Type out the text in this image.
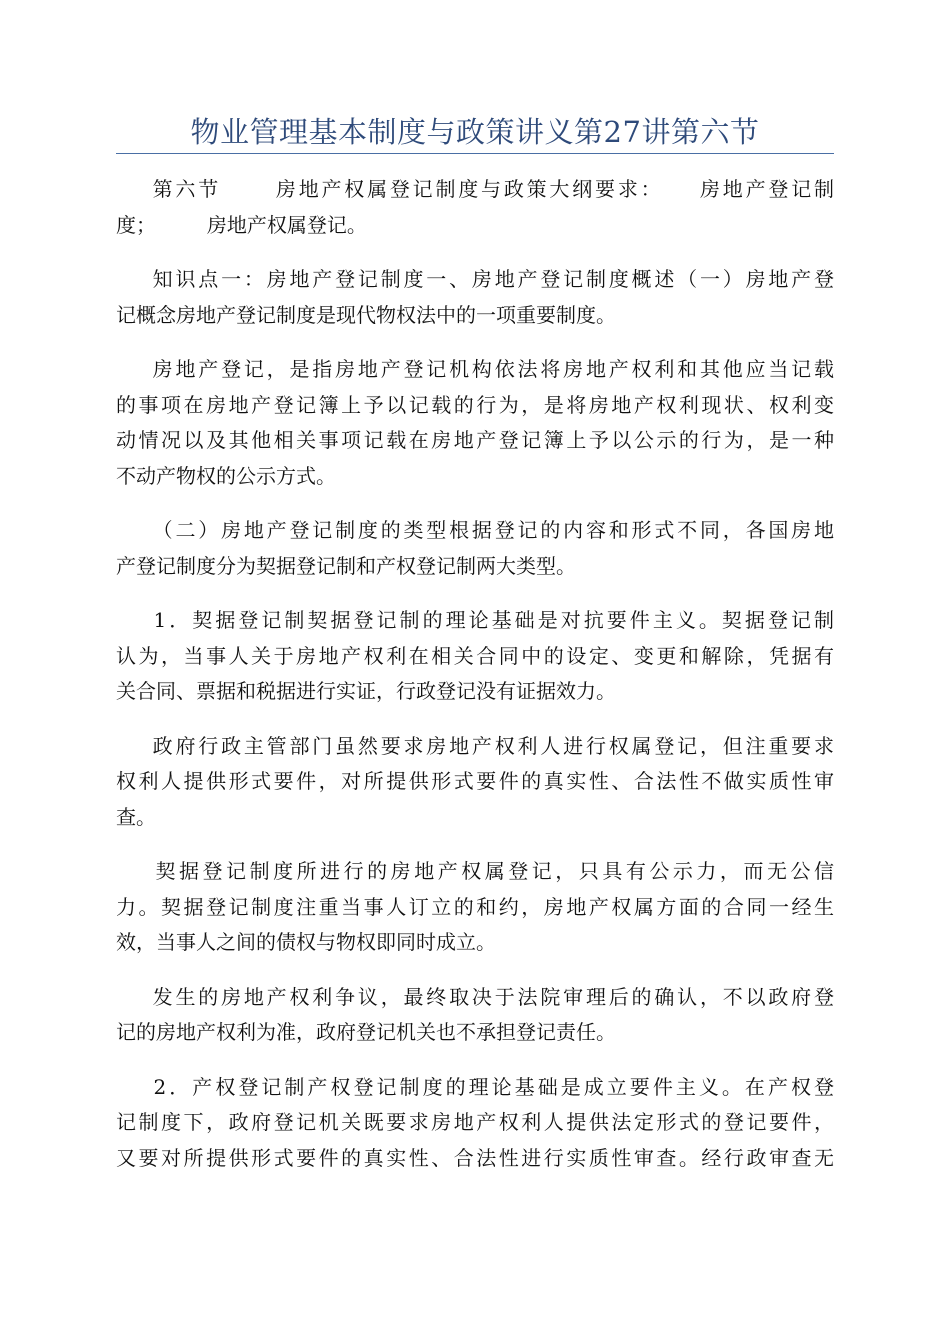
物业管理基本制度与政策讲义第27讲第六节
第六节      房地产权属登记制度与政策大纲要求：    房地产登记制
度；        房地产权属登记。
知识点一：房地产登记制度一、房地产登记制度概述（一）房地产登
记概念房地产登记制度是现代物权法中的一项重要制度。
房地产登记，是指房地产登记机构依法将房地产权利和其他应当记载
的事项在房地产登记簿上予以记载的行为，是将房地产权利现状、权利变
动情况以及其他相关事项记载在房地产登记簿上予以公示的行为，是一种
不动产物权的公示方式。
（二）房地产登记制度的类型根据登记的内容和形式不同，各国房地
产登记制度分为契据登记制和产权登记制两大类型。
1．契据登记制契据登记制的理论基础是对抗要件主义。契据登记制
认为，当事人关于房地产权利在相关合同中的设定、变更和解除，凭据有
关合同、票据和税据进行实证，行政登记没有证据效力。
政府行政主管部门虽然要求房地产权利人进行权属登记，但注重要求
权利人提供形式要件，对所提供形式要件的真实性、合法性不做实质性审
查。
契据登记制度所进行的房地产权属登记，只具有公示力，而无公信
力。契据登记制度注重当事人订立的和约，房地产权属方面的合同一经生
效，当事人之间的债权与物权即同时成立。
发生的房地产权利争议，最终取决于法院审理后的确认，不以政府登
记的房地产权利为准，政府登记机关也不承担登记责任。
2．产权登记制产权登记制度的理论基础是成立要件主义。在产权登
记制度下，政府登记机关既要求房地产权利人提供法定形式的登记要件，
又要对所提供形式要件的真实性、合法性进行实质性审查。经行政审查无
